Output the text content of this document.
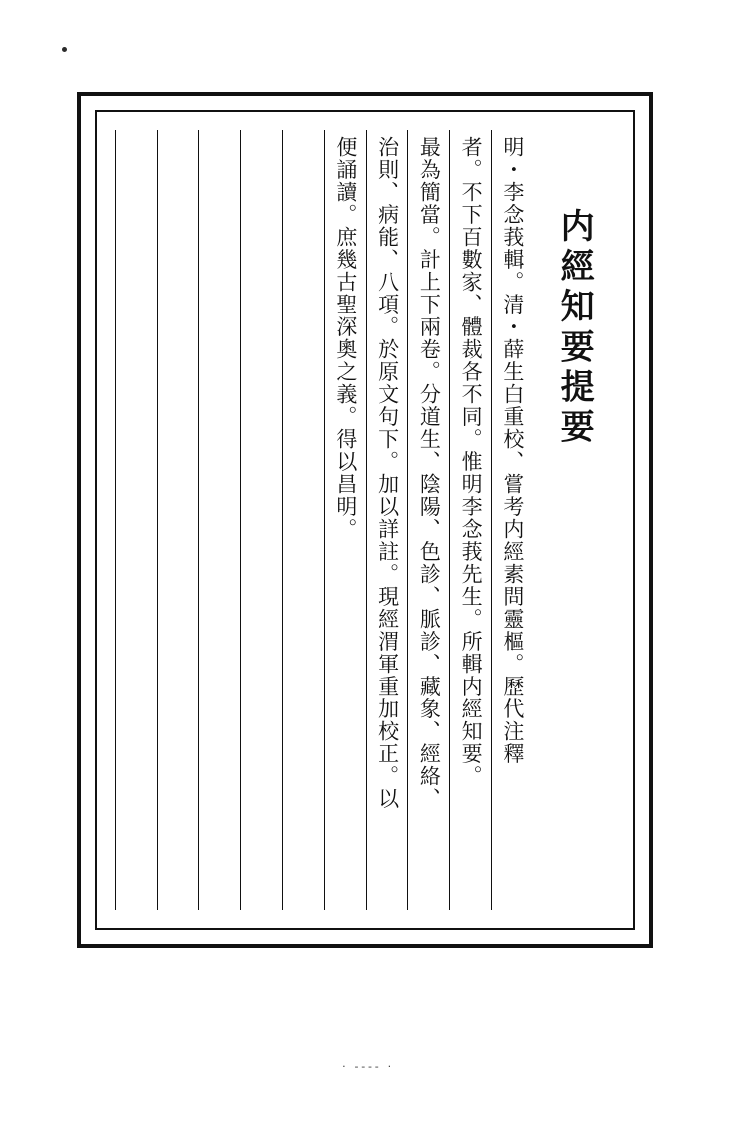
内經知要提要
明・李念莪輯。清・薛生白重校、嘗考内經素問靈樞。歷代注釋
者。不下百數家、體裁各不同。惟明李念莪先生。所輯内經知要。
最為簡當。計上下兩卷。分道生、陰陽、色診、脈診、藏象、經絡、
治則、病能、八項。於原文句下。加以詳註。現經渭軍重加校正。以
便誦讀。庶幾古聖深奧之義。得以昌明。
· ---- ·
